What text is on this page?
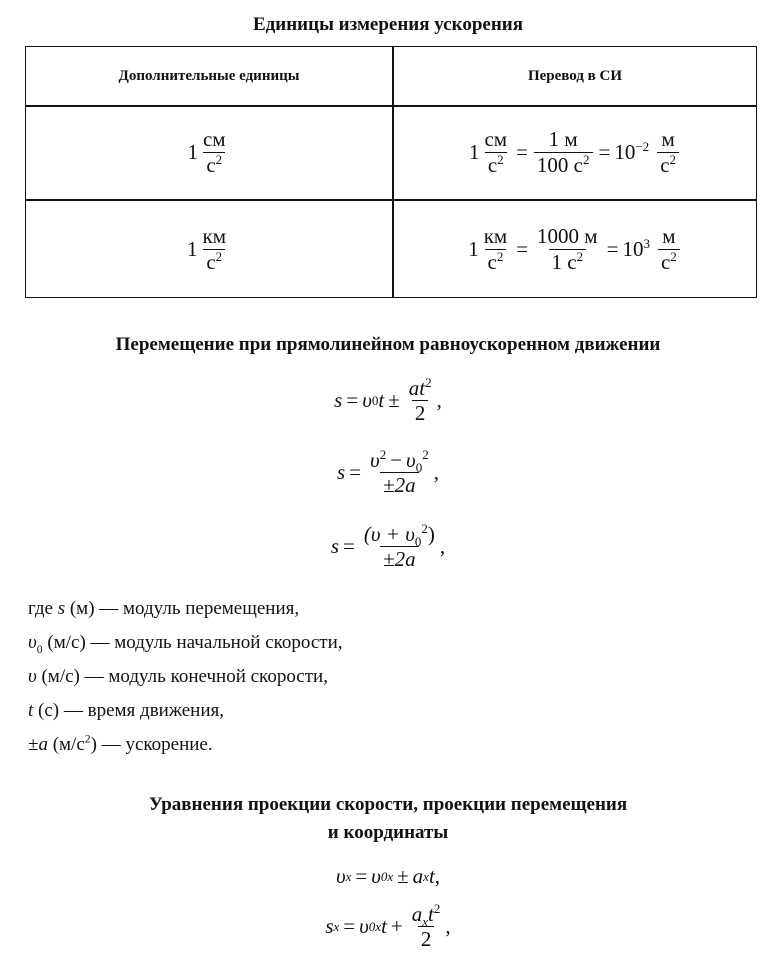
Единицы измерения ускорения
Дополнительные единицы	Перевод в СИ
$1 \frac{см}{с^2}$	$1 \frac{см}{с^2} = \frac{1 м}{100 с^2} = 10^{-2} \frac{м}{с^2}$
$1 \frac{км}{с^2}$	$1 \frac{км}{с^2} = \frac{1000 м}{1 с^2} = 10^3 \frac{м}{с^2}$
Перемещение при прямолинейном равноускоренном движении
s = υ 0 $t \pm \frac{at^2}{2}$ ,
$s = \frac{\upsilon^2 - \upsilon_0^2}{\pm 2a}$ ,
$s = \frac{(\upsilon + \upsilon_0^2)}{\pm 2a}$ ,
где s (м) — модуль перемещения,
$\upsilon_0$ (м/с) — модуль начальной скорости,
υ (м/с) — модуль конечной скорости,
t (с) — время движения,
±a $(м/с^2)$ — ускорение.
Уравнения проекции скорости, проекции перемещения
и координаты
υ x = υ 0x ± a x t ,
s x = υ 0x $t + \frac{a_xt^2}{2}$ ,
